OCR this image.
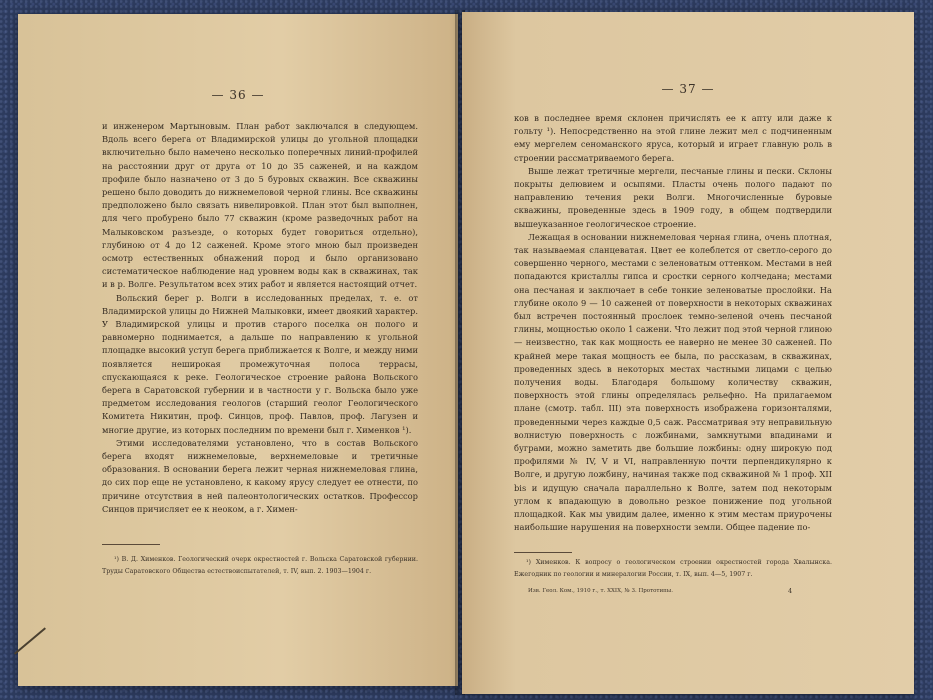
— 36 —

и инженером Мартыновым. План работ заключался в следующем. Вдоль всего берега от Владимирской улицы до угольной площадки включительно было намечено несколько поперечных линий-профилей на расстоянии друг от друга от 10 до 35 саженей, и на каждом профиле было назначено от 3 до 5 буровых скважин. Все скважины решено было доводить до нижнемеловой черной глины. Все скважины предположено было связать нивелировкой. План этот был выполнен, для чего пробурено было 77 скважин (кроме разведочных работ на Малыковском разъезде, о которых будет говориться отдельно), глубиною от 4 до 12 саженей. Кроме этого мною был произведен осмотр естественных обнажений пород и было организовано систематическое наблюдение над уровнем воды как в скважинах, так и в р. Волге. Результатом всех этих работ и является настоящий отчет.

Вольский берег р. Волги в исследованных пределах, т. е. от Владимирской улицы до Нижней Малыковки, имеет двоякий характер. У Владимирской улицы и против старого поселка он полого и равномерно поднимается, а дальше по направлению к угольной площадке высокий уступ берега приближается к Волге, и между ними появляется неширокая промежуточная полоса террасы, спускающаяся к реке. Геологическое строение района Вольского берега в Саратовской губернии и в частности у г. Вольска было уже предметом исследования геологов (старший геолог Геологического Комитета Никитин, проф. Синцов, проф. Павлов, проф. Лагузен и многие другие, из которых последним по времени был г. Хименков ¹).

Этими исследователями установлено, что в состав Вольского берега входят нижнемеловые, верхнемеловые и третичные образования. В основании берега лежит черная нижнемеловая глина, до сих пор еще не установлено, к какому ярусу следует ее отнести, по причине отсутствия в ней палеонтологических остатков. Профессор Синцов причисляет ее к неоком, а г. Химен-

¹) В. Д. Хименков. Геологический очерк окрестностей г. Вольска Саратовской губернии. Труды Саратовского Общества естествоиспытателей, т. IV, вып. 2. 1903—1904 г.

— 37 —

ков в последнее время склонен причислять ее к апту или даже к гольту ¹). Непосредственно на этой глине лежит мел с подчиненным ему мергелем сеноманского яруса, который и играет главную роль в строении рассматриваемого берега.

Выше лежат третичные мергели, песчаные глины и пески. Склоны покрыты делювием и осыпями. Пласты очень полого падают по направлению течения реки Волги. Многочисленные буровые скважины, проведенные здесь в 1909 году, в общем подтвердили вышеуказанное геологическое строение.

Лежащая в основании нижнемеловая черная глина, очень плотная, так называемая сланцеватая. Цвет ее колеблется от светло-серого до совершенно черного, местами с зеленоватым оттенком. Местами в ней попадаются кристаллы гипса и сростки серного колчедана; местами она песчаная и заключает в себе тонкие зеленоватые прослойки. На глубине около 9 — 10 саженей от поверхности в некоторых скважинах был встречен постоянный прослоек темно-зеленой очень песчаной глины, мощностью около 1 сажени. Что лежит под этой черной глиною — неизвестно, так как мощность ее наверно не менее 30 саженей. По крайней мере такая мощность ее была, по рассказам, в скважинах, проведенных здесь в некоторых местах частными лицами с целью получения воды. Благодаря большому количеству скважин, поверхность этой глины определялась рельефно. На прилагаемом плане (смотр. табл. III) эта поверхность изображена горизонталями, проведенными через каждые 0,5 саж. Рассматривая эту неправильную волнистую поверхность с ложбинами, замкнутыми впадинами и буграми, можно заметить две большие ложбины: одну широкую под профилями № IV, V и VI, направленную почти перпендикулярно к Волге, и другую ложбину, начиная также под скважиной № 1 проф. XII bis и идущую сначала параллельно к Волге, затем под некоторым углом к впадающую в довольно резкое понижение под угольной площадкой. Как мы увидим далее, именно к этим местам приурочены наибольшие нарушения на поверхности земли. Общее падение по-

¹) Хименков. К вопросу о геологическом строении окрестностей города Хвалынска. Ежегодник по геологии и минералогии России, т. IX, вып. 4—5, 1907 г.

Изв. Геол. Ком., 1910 г., т. XXIX, № 3. Прототипы.	4
